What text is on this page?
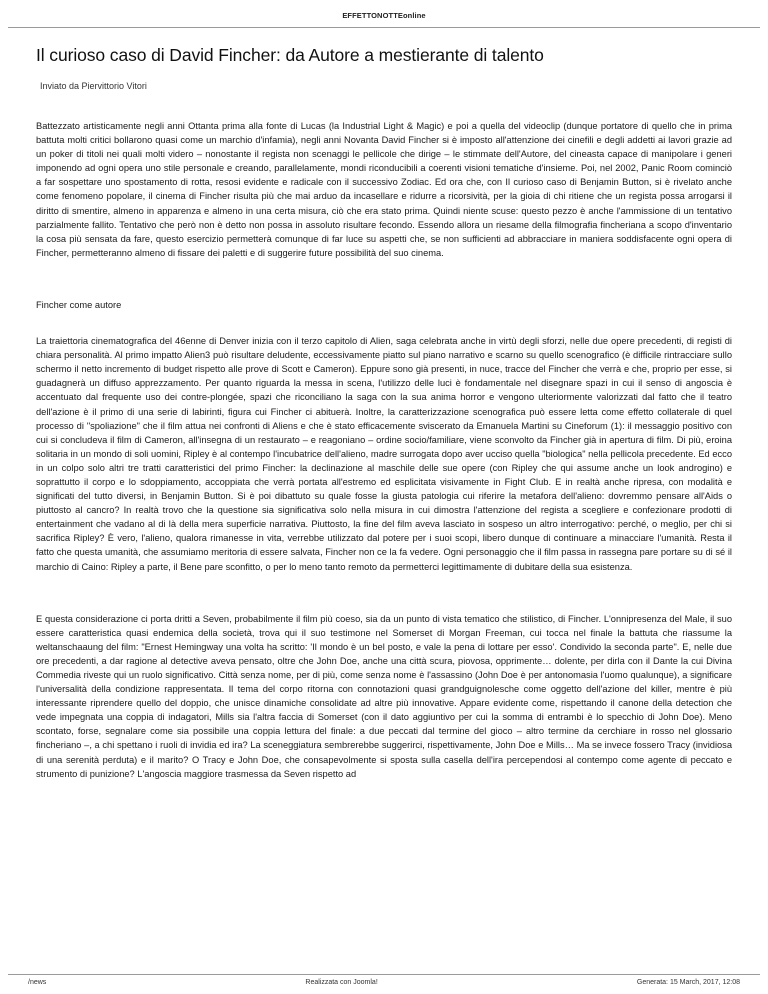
EFFETTONOTTEonline
Il curioso caso di David Fincher: da Autore a mestierante di talento
Inviato da Piervittorio Vitori

Battezzato artisticamente negli anni Ottanta prima alla fonte di Lucas (la Industrial Light & Magic) e poi a quella del videoclip (dunque portatore di quello che in prima battuta molti critici bollarono quasi come un marchio d'infamia), negli anni Novanta David Fincher si è imposto all'attenzione dei cinefili e degli addetti ai lavori grazie ad un poker di titoli nei quali molti videro – nonostante il regista non scenaggi le pellicole che dirige – le stimmate dell'Autore, del cineasta capace di manipolare i generi imponendo ad ogni opera uno stile personale e creando, parallelamente, mondi riconducibili a coerenti visioni tematiche d'insieme. Poi, nel 2002, Panic Room cominciò a far sospettare uno spostamento di rotta, resosi evidente e radicale con il successivo Zodiac. Ed ora che, con Il curioso caso di Benjamin Button, si è rivelato anche come fenomeno popolare, il cinema di Fincher risulta più che mai arduo da incasellare e ridurre a ricorsività, per la gioia di chi ritiene che un regista possa arrogarsi il diritto di smentire, almeno in apparenza e almeno in una certa misura, ciò che era stato prima. Quindi niente scuse: questo pezzo è anche l'ammissione di un tentativo parzialmente fallito. Tentativo che però non è detto non possa in assoluto risultare fecondo. Essendo allora un riesame della filmografia fincheriana a scopo d'inventario la cosa più sensata da fare, questo esercizio permetterà comunque di far luce su aspetti che, se non sufficienti ad abbracciare in maniera soddisfacente ogni opera di Fincher, permetteranno almeno di fissare dei paletti e di suggerire future possibilità del suo cinema.

Fincher come autore

La traiettoria cinematografica del 46enne di Denver inizia con il terzo capitolo di Alien, saga celebrata anche in virtù degli sforzi, nelle due opere precedenti, di registi di chiara personalità. Al primo impatto Alien3 può risultare deludente, eccessivamente piatto sul piano narrativo e scarno su quello scenografico (è difficile rintracciare sullo schermo il netto incremento di budget rispetto alle prove di Scott e Cameron). Eppure sono già presenti, in nuce, tracce del Fincher che verrà e che, proprio per esse, si guadagnerà un diffuso apprezzamento. Per quanto riguarda la messa in scena, l'utilizzo delle luci è fondamentale nel disegnare spazi in cui il senso di angoscia è accentuato dal frequente uso dei contre-plongée, spazi che riconciliano la saga con la sua anima horror e vengono ulteriormente valorizzati dal fatto che il teatro dell'azione è il primo di una serie di labirinti, figura cui Fincher ci abituerà. Inoltre, la caratterizzazione scenografica può essere letta come effetto collaterale di quel processo di "spoliazione" che il film attua nei confronti di Aliens e che è stato efficacemente sviscerato da Emanuela Martini su Cineforum (1): il messaggio positivo con cui si concludeva il film di Cameron, all'insegna di un restaurato – e reagoniano – ordine socio/familiare, viene sconvolto da Fincher già in apertura di film. Di più, eroina solitaria in un mondo di soli uomini, Ripley è al contempo l'incubatrice dell'alieno, madre surrogata dopo aver ucciso quella "biologica" nella pellicola precedente. Ed ecco in un colpo solo altri tre tratti caratteristici del primo Fincher: la declinazione al maschile delle sue opere (con Ripley che qui assume anche un look androgino) e soprattutto il corpo e lo sdoppiamento, accoppiata che verrà portata all'estremo ed esplicitata visivamente in Fight Club. E in realtà anche ripresa, con modalità e significati del tutto diversi, in Benjamin Button. Si è poi dibattuto su quale fosse la giusta patologia cui riferire la metafora dell'alieno: dovremmo pensare all'Aids o piuttosto al cancro? In realtà trovo che la questione sia significativa solo nella misura in cui dimostra l'attenzione del regista a scegliere e confezionare prodotti di entertainment che vadano al di là della mera superficie narrativa. Piuttosto, la fine del film aveva lasciato in sospeso un altro interrogativo: perché, o meglio, per chi si sacrifica Ripley? È vero, l'alieno, qualora rimanesse in vita, verrebbe utilizzato dal potere per i suoi scopi, libero dunque di continuare a minacciare l'umanità. Resta il fatto che questa umanità, che assumiamo meritoria di essere salvata, Fincher non ce la fa vedere. Ogni personaggio che il film passa in rassegna pare portare su di sé il marchio di Caino: Ripley a parte, il Bene pare sconfitto, o per lo meno tanto remoto da permetterci legittimamente di dubitare della sua esistenza.

E questa considerazione ci porta dritti a Seven, probabilmente il film più coeso, sia da un punto di vista tematico che stilistico, di Fincher. L'onnipresenza del Male, il suo essere caratteristica quasi endemica della società, trova qui il suo testimone nel Somerset di Morgan Freeman, cui tocca nel finale la battuta che riassume la weltanschaaung del film: "Ernest Hemingway una volta ha scritto: 'Il mondo è un bel posto, e vale la pena di lottare per esso'. Condivido la seconda parte". E, nelle due ore precedenti, a dar ragione al detective aveva pensato, oltre che John Doe, anche una città scura, piovosa, opprimente… dolente, per dirla con il Dante la cui Divina Commedia riveste qui un ruolo significativo. Città senza nome, per di più, come senza nome è l'assassino (John Doe è per antonomasia l'uomo qualunque), a significare l'universalità della condizione rappresentata. Il tema del corpo ritorna con connotazioni quasi grandguignolesche come oggetto dell'azione del killer, mentre è più interessante riprendere quello del doppio, che unisce dinamiche consolidate ad altre più innovative. Appare evidente come, rispettando il canone della detection che vede impegnata una coppia di indagatori, Mills sia l'altra faccia di Somerset (con il dato aggiuntivo per cui la somma di entrambi è lo specchio di John Doe). Meno scontato, forse, segnalare come sia possibile una coppia lettura del finale: a due peccati dal termine del gioco – altro termine da cerchiare in rosso nel glossario fincheriano –, a chi spettano i ruoli di invidia ed ira? La sceneggiatura sembrerebbe suggerirci, rispettivamente, John Doe e Mills… Ma se invece fossero Tracy (invidiosa di una serenità perduta) e il marito? O Tracy e John Doe, che consapevolmente si sposta sulla casella dell'ira percependosi al contempo come agente di peccato e strumento di punizione? L'angoscia maggiore trasmessa da Seven rispetto ad

/news	Realizzata con Joomla!	Generata: 15 March, 2017, 12:08
